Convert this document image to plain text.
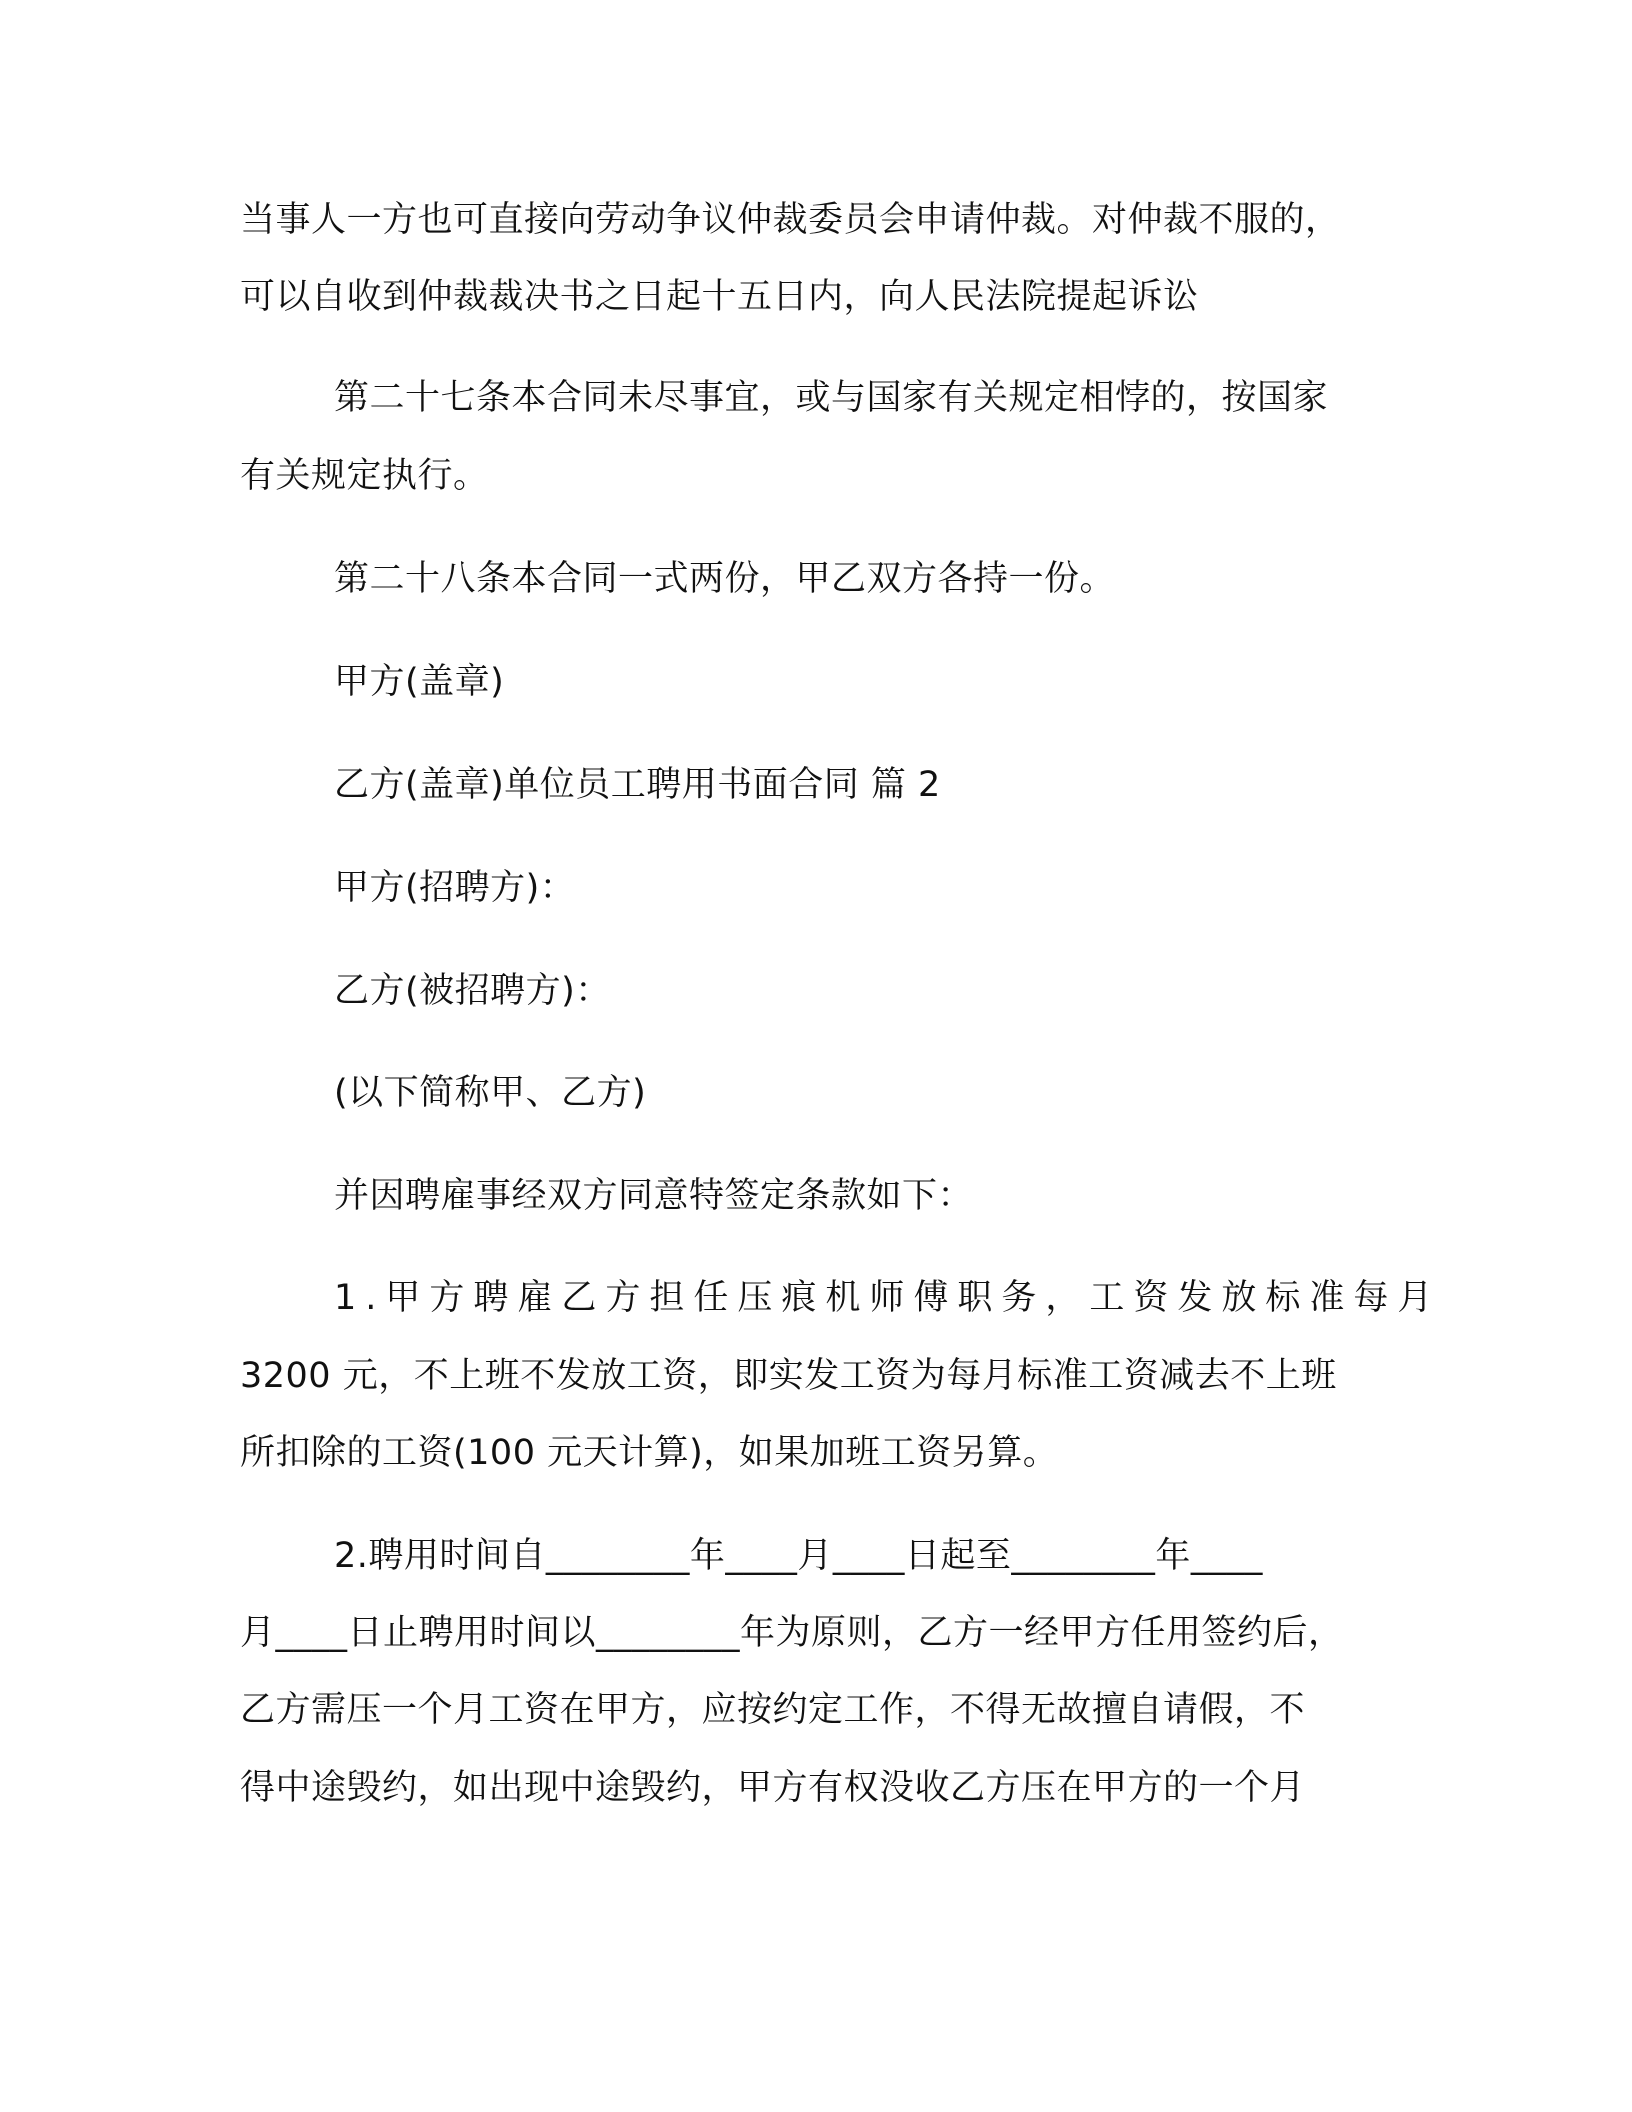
当事人一方也可直接向劳动争议仲裁委员会申请仲裁。对仲裁不服的，
可以自收到仲裁裁决书之日起十五日内，向人民法院提起诉讼
第二十七条本合同未尽事宜，或与国家有关规定相悖的，按国家
有关规定执行。
第二十八条本合同一式两份，甲乙双方各持一份。
甲方(盖章)
乙方(盖章)单位员工聘用书面合同 篇 2
甲方(招聘方)：
乙方(被招聘方)：
(以下简称甲、乙方)
并因聘雇事经双方同意特签定条款如下：
1.甲方聘雇乙方担任压痕机师傅职务，工资发放标准每月
3200 元，不上班不发放工资，即实发工资为每月标准工资减去不上班
所扣除的工资(100 元天计算)，如果加班工资另算。
2.聘用时间自________年____月____日起至________年____
月____日止聘用时间以________年为原则，乙方一经甲方任用签约后，
乙方需压一个月工资在甲方，应按约定工作，不得无故擅自请假，不
得中途毁约，如出现中途毁约，甲方有权没收乙方压在甲方的一个月
